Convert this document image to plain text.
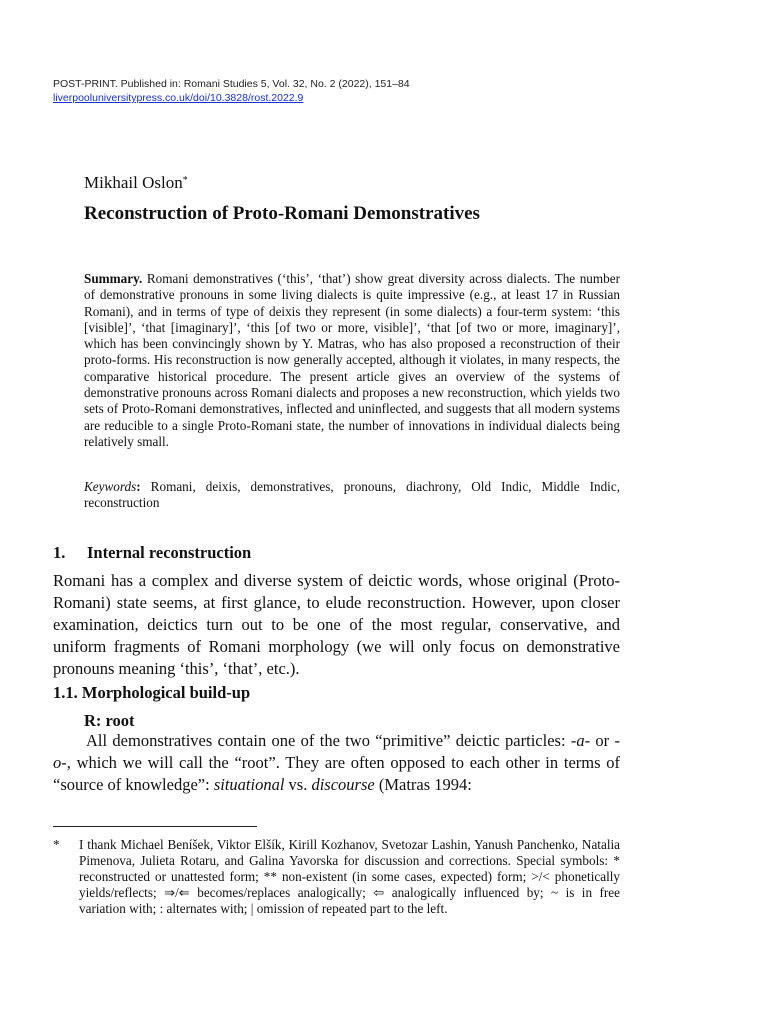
POST-PRINT. Published in: Romani Studies 5, Vol. 32, No. 2 (2022), 151–84
liverpooluniversitypress.co.uk/doi/10.3828/rost.2022.9
Mikhail Oslon*
Reconstruction of Proto-Romani Demonstratives

Summary. Romani demonstratives (‘this’, ‘that’) show great diversity across dialects. The number of demonstrative pronouns in some living dialects is quite impressive (e.g., at least 17 in Russian Romani), and in terms of type of deixis they represent (in some dialects) a four-term system: ‘this [visible]’, ‘that [imaginary]’, ‘this [of two or more, visible]’, ‘that [of two or more, imaginary]’, which has been convincingly shown by Y. Matras, who has also proposed a reconstruction of their proto-forms. His reconstruction is now generally accepted, although it violates, in many respects, the comparative historical procedure. The present article gives an overview of the systems of demonstrative pronouns across Romani dialects and proposes a new reconstruction, which yields two sets of Proto-Romani demonstratives, inflected and uninflected, and suggests that all modern systems are reducible to a single Proto-Romani state, the number of innovations in individual dialects being relatively small.

Keywords: Romani, deixis, demonstratives, pronouns, diachrony, Old Indic, Middle Indic, reconstruction

1. Internal reconstruction

Romani has a complex and diverse system of deictic words, whose original (Proto-Romani) state seems, at first glance, to elude reconstruction. However, upon closer examination, deictics turn out to be one of the most regular, conservative, and uniform fragments of Romani morphology (we will only focus on demonstrative pronouns meaning ‘this’, ‘that’, etc.).

1.1. Morphological build-up
R: root

All demonstratives contain one of the two “primitive” deictic particles: -a- or -o-, which we will call the “root”. They are often opposed to each other in terms of “source of knowledge”: situational vs. discourse (Matras 1994:

* I thank Michael Beníšek, Viktor Elšík, Kirill Kozhanov, Svetozar Lashin, Yanush Panchenko, Natalia Pimenova, Julieta Rotaru, and Galina Yavorska for discussion and corrections. Special symbols: * reconstructed or unattested form; ** non-existent (in some cases, expected) form; >/< phonetically yields/reflects; ⇒/⇐ becomes/replaces analogically; ⇦ analogically influenced by; ~ is in free variation with; : alternates with; | omission of repeated part to the left.
